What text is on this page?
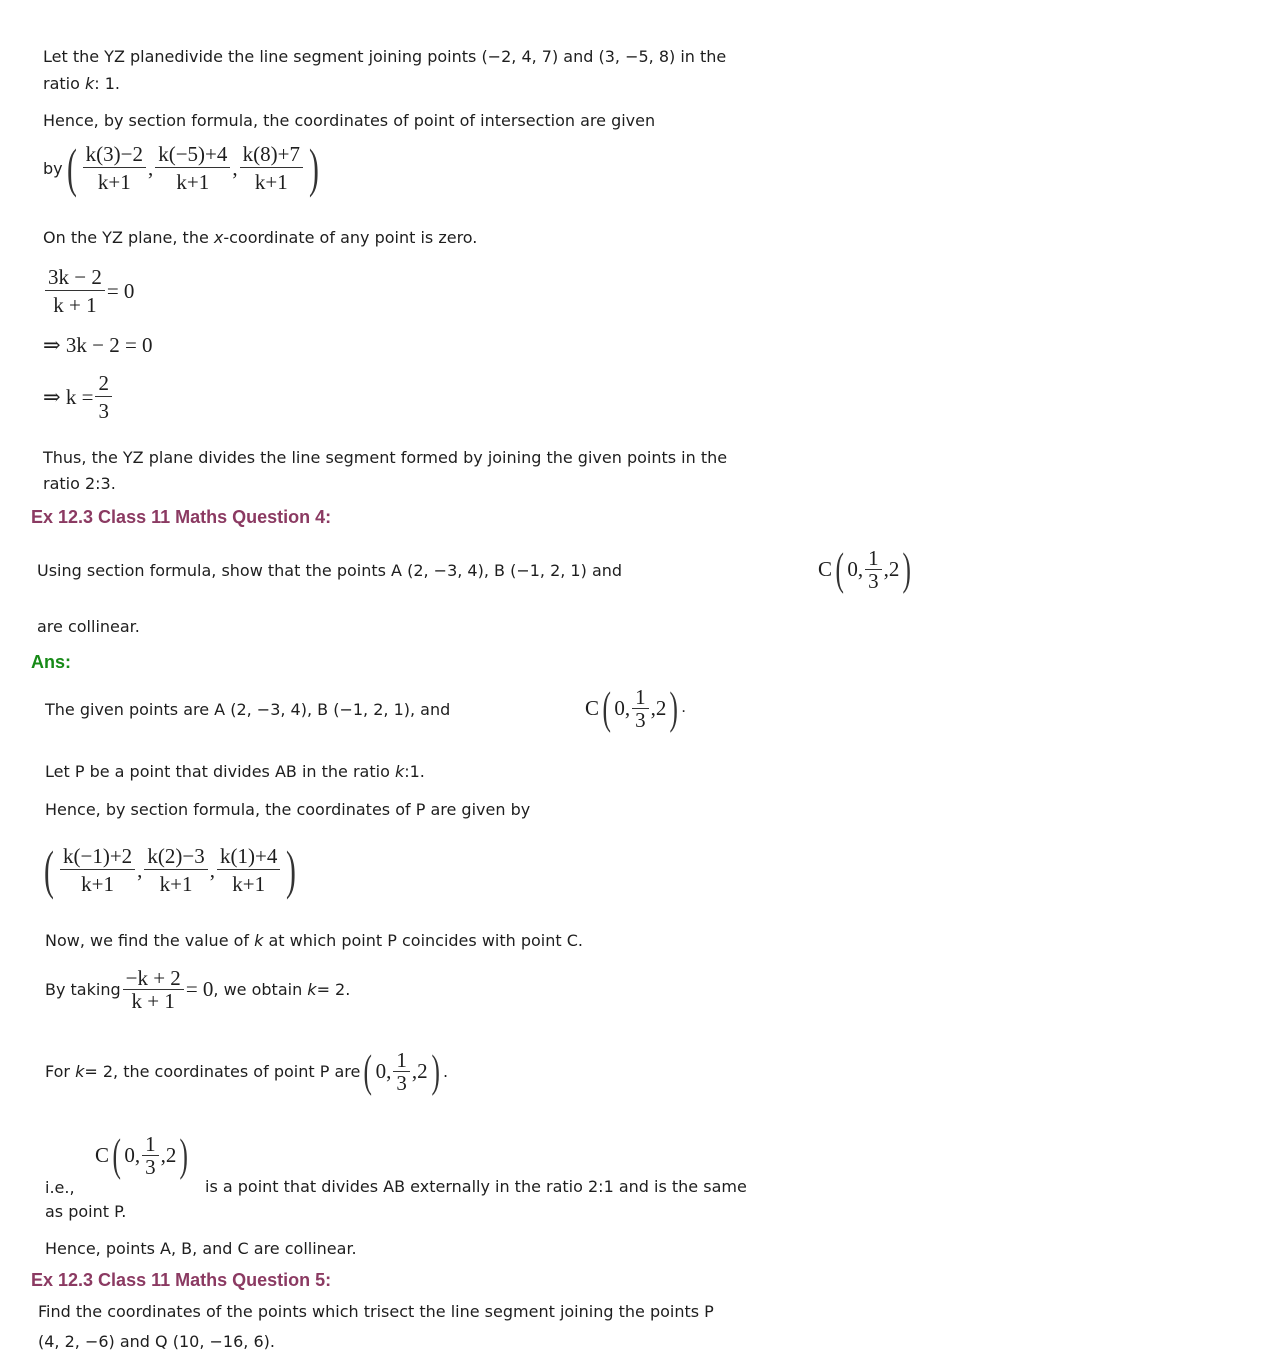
Let the YZ planedivide the line segment joining points (−2, 4, 7) and (3, −5, 8) in the
ratio k: 1.
Hence, by section formula, the coordinates of point of intersection are given
by ( $\frac{k(3)-2}{k+1}$ , $\frac{k(-5)+4}{k+1}$ , $\frac{k(8)+7}{k+1}$ )
On the YZ plane, the x-coordinate of any point is zero.
$\frac{3k - 2}{k + 1} = 0$
⇒ 3k − 2 = 0
⇒ $k = \frac{2}{3}$
Thus, the YZ plane divides the line segment formed by joining the given points in the
ratio 2:3.
Ex 12.3 Class 11 Maths Question 4:
Using section formula, show that the points A (2, −3, 4), B (−1, 2, 1) and	C ( 0, $\frac{1}{3} ,2$ )
are collinear.
Ans:
The given points are A (2, −3, 4), B (−1, 2, 1), and	C ( 0, $\frac{1}{3} ,2$ ) .
Let P be a point that divides AB in the ratio k:1.
Hence, by section formula, the coordinates of P are given by
( $\frac{k(-1)+2}{k+1}$ , $\frac{k(2)-3}{k+1}$ , $\frac{k(1)+4}{k+1}$ )
Now, we find the value of k at which point P coincides with point C.
By taking $\frac{-k + 2}{k + 1} = 0$ , we obtain
k = 2.
For
k = 2, the coordinates of point P are ( 0, $\frac{1}{3} ,2$ ) .
C ( 0, $\frac{1}{3} ,2$ )
i.e.,	is a point that divides AB externally in the ratio 2:1 and is the same
as point P.
Hence, points A, B, and C are collinear.
Ex 12.3 Class 11 Maths Question 5:
Find the coordinates of the points which trisect the line segment joining the points P
(4, 2, −6) and Q (10, −16, 6).
